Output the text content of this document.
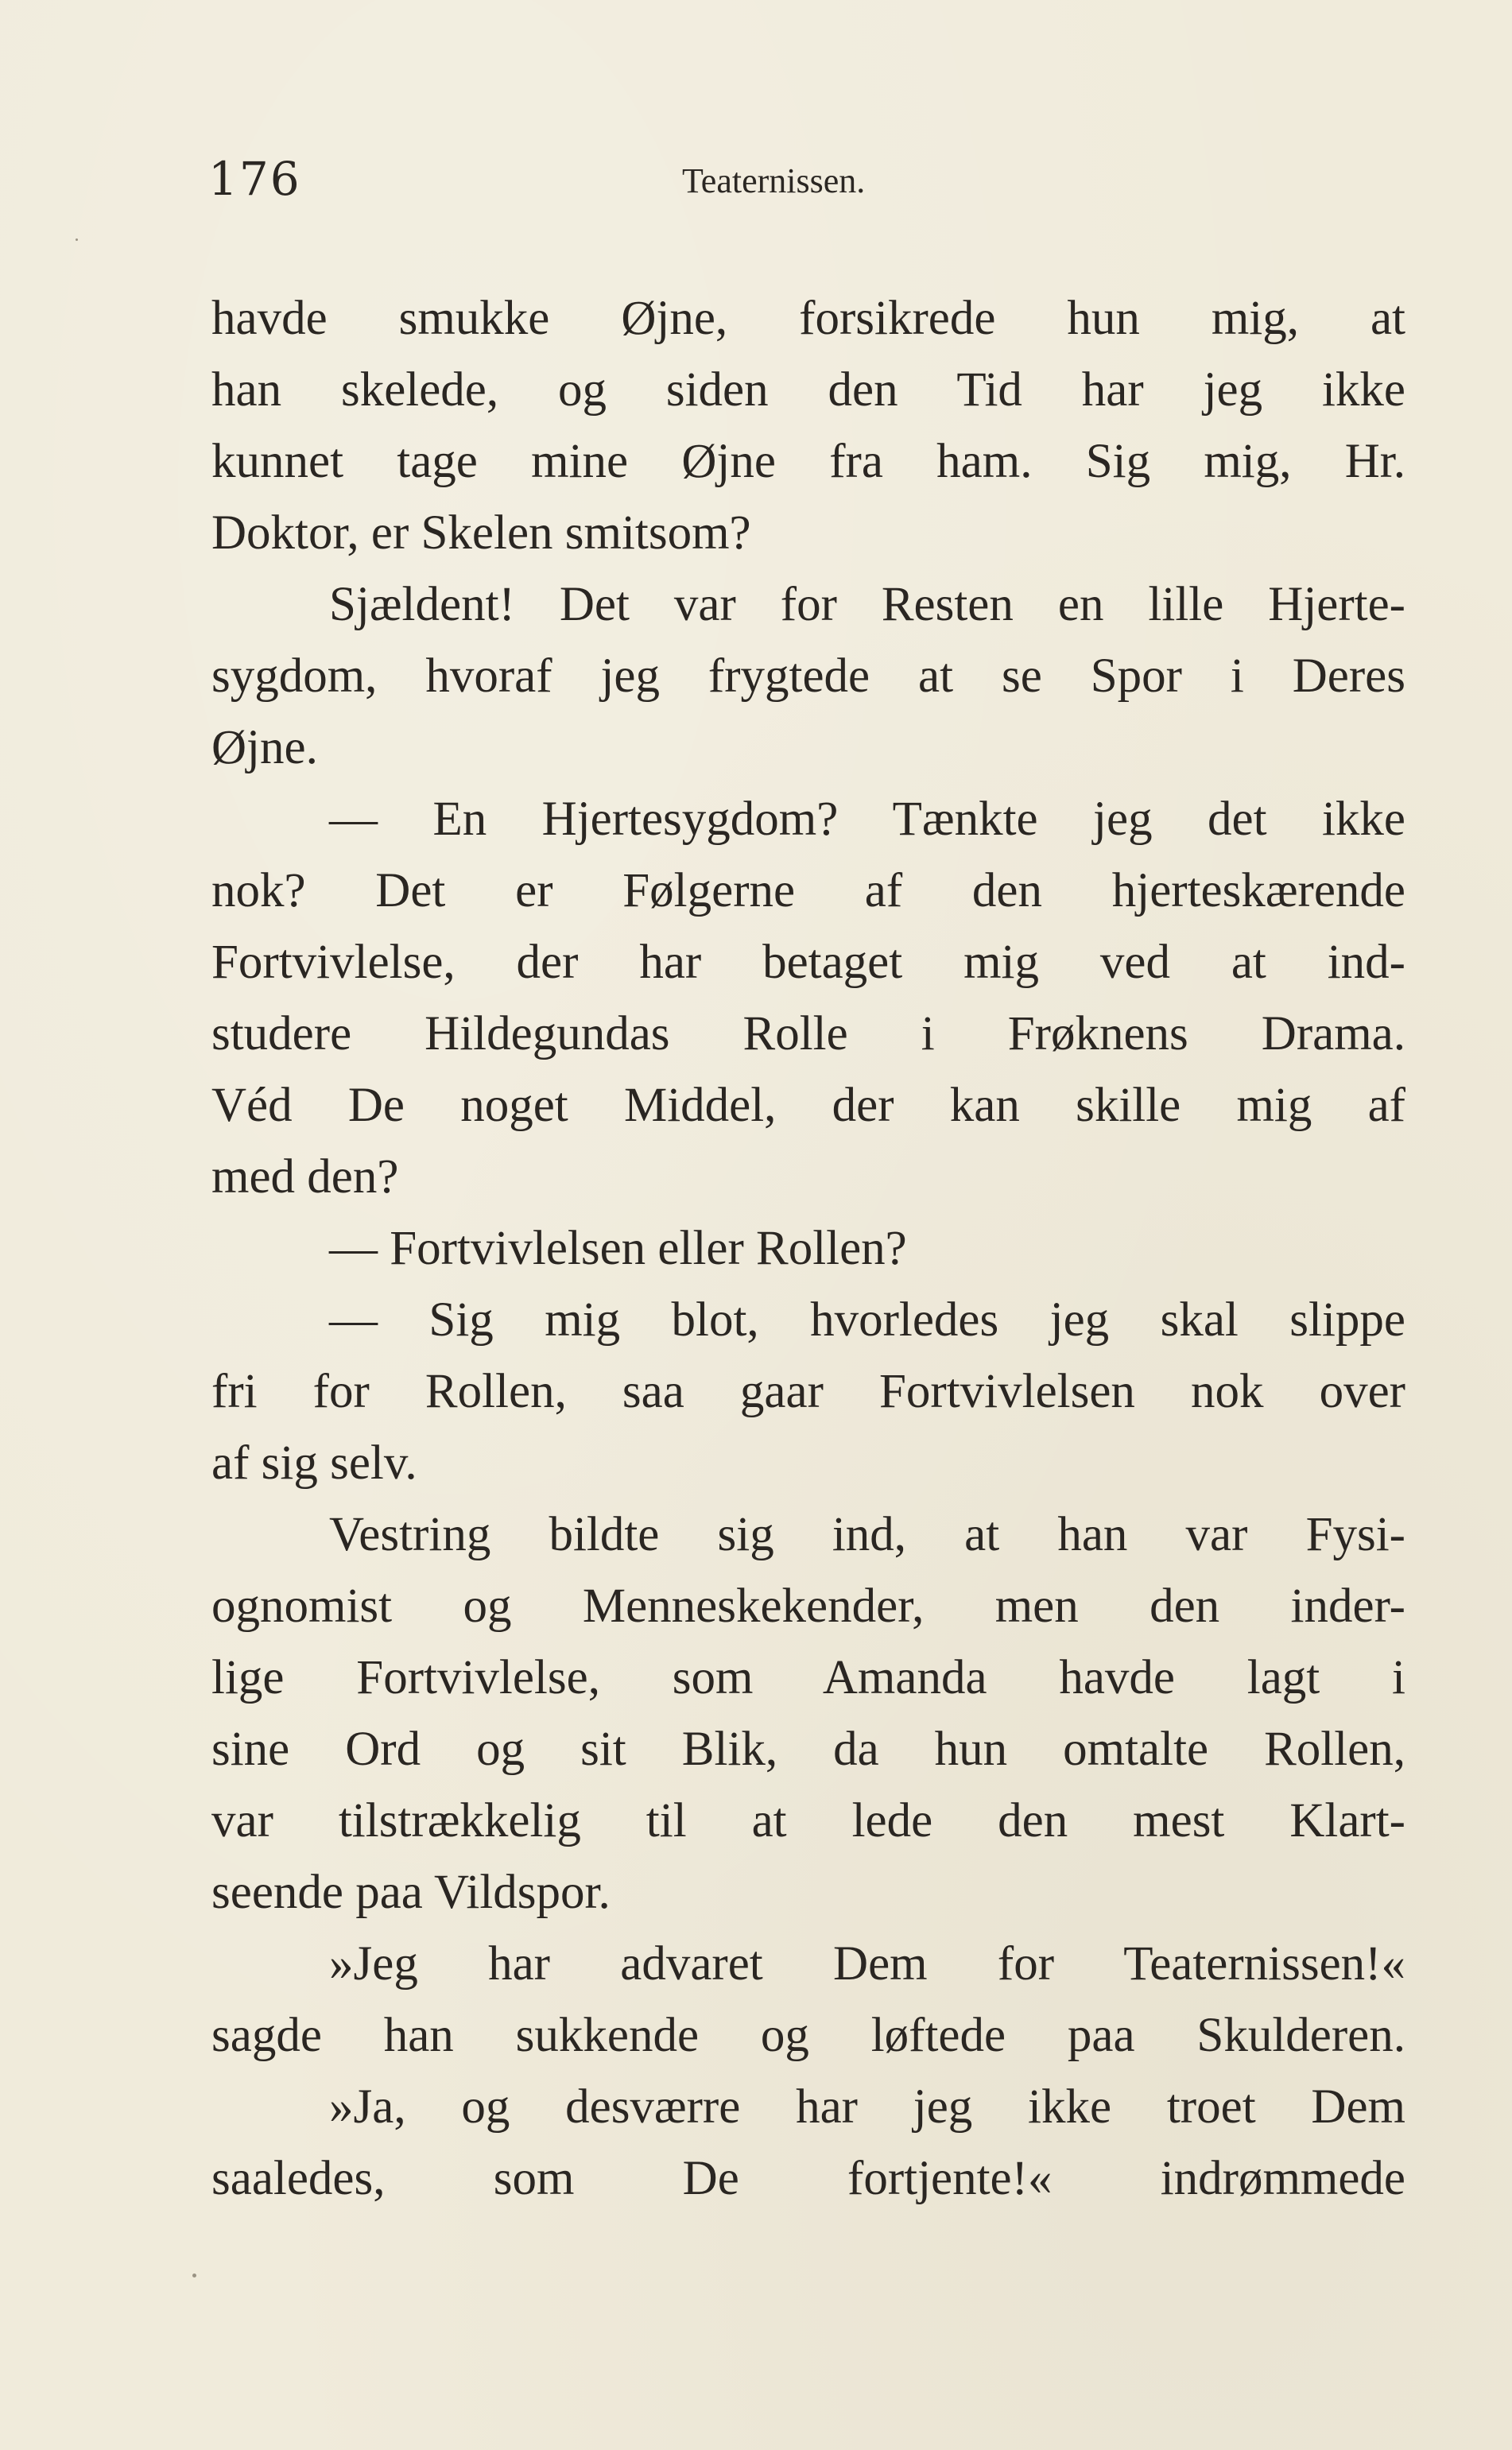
176	Teaternissen.
havde smukke Øjne, forsikrede hun mig, at
han skelede, og siden den Tid har jeg ikke
kunnet tage mine Øjne fra ham. Sig mig, Hr.
Doktor, er Skelen smitsom?
Sjældent! Det var for Resten en lille Hjerte-
sygdom, hvoraf jeg frygtede at se Spor i Deres
Øjne.
— En Hjertesygdom? Tænkte jeg det ikke
nok? Det er Følgerne af den hjerteskærende
Fortvivlelse, der har betaget mig ved at ind-
studere Hildegundas Rolle i Frøknens Drama.
Véd De noget Middel, der kan skille mig af
med den?
— Fortvivlelsen eller Rollen?
— Sig mig blot, hvorledes jeg skal slippe
fri for Rollen, saa gaar Fortvivlelsen nok over
af sig selv.
Vestring bildte sig ind, at han var Fysi-
ognomist og Menneskekender, men den inder-
lige Fortvivlelse, som Amanda havde lagt i
sine Ord og sit Blik, da hun omtalte Rollen,
var tilstrækkelig til at lede den mest Klart-
seende paa Vildspor.
»Jeg har advaret Dem for Teaternissen!«
sagde han sukkende og løftede paa Skulderen.
»Ja, og desværre har jeg ikke troet Dem
saaledes, som De fortjente!« indrømmede
